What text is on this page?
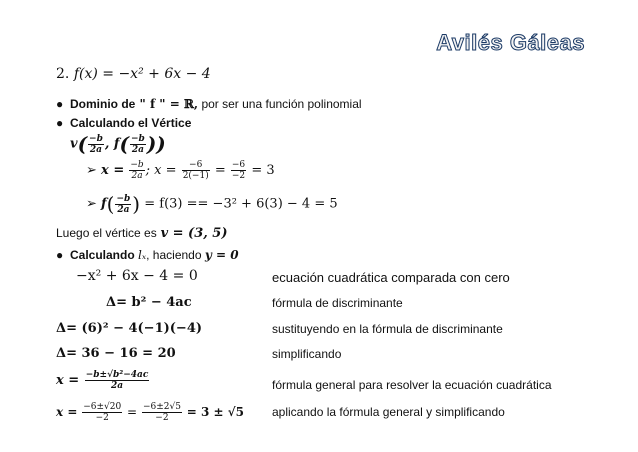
Avilés Gáleas
2. f(x) = −x² + 6x − 4
● Dominio de " f " = ℝ, por ser una función polinomial
● Calculando el Vértice
$v( \frac{-b}{2a}$ , $f( \frac{-b}{2a}$ ))
➢ $x = \frac{-b}{2a}$ ; $x = \frac{-6}{2(-1)} = \frac{-6}{-2} = 3$
➢ $f( \frac{-b}{2a}$ ) = f(3) == −3² + 6(3) − 4 = 5
Luego el vértice es v = (3, 5)
● Calculando lₓ, haciendo y = 0
−x² + 6x − 4 = 0	ecuación cuadrática comparada con cero
Δ= b² − 4ac	fórmula de discriminante
Δ= (6)² − 4(−1)(−4)	sustituyendo en la fórmula de discriminante
Δ= 36 − 16 = 20	simplificando
$x = \frac{\text{−b±√b²−4ac}}{2a}$	fórmula general para resolver la ecuación cuadrática
$x = \frac{-6\pm√20}{-2} = \frac{-6\pm 2√5}{-2} = 3 \pm √5$ aplicando la fórmula general y simplificando
